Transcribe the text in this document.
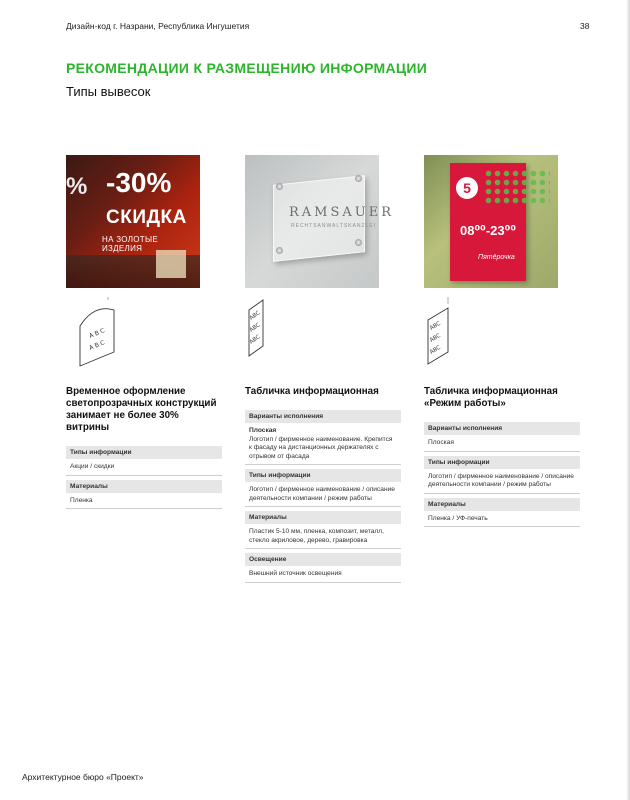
Дизайн-код г. Назрани, Республика Ингушетия	38
РЕКОМЕНДАЦИИ К РАЗМЕЩЕНИЮ ИНФОРМАЦИИ
Типы вывесок
% -30%
СКИДКА
НА ЗОЛОТЫЕ ИЗДЕЛИЯ
A B C
A B C
Временное оформление светопрозрачных конструкций занимает не более 30% витрины
Типы информации
Акции / скидки
Материалы
Пленка
RAMSAUER
RECHTSANWALTSKANZLEI
ABC
ABC
ABC
Табличка информационная
Варианты исполнения
Плоская
Логотип / фирменное наименование. Крепится к фасаду на дистанционных держателях с отрывом от фасада
Типы информации
Логотип / фирменное наименование / описание деятельности компании / режим работы
Материалы
Пластик 5-10 мм, пленка, композит, металл, стекло акриловое, дерево, гравировка
Освещение
Внешний источник освещения
5
08⁰⁰-23⁰⁰
Пятёрочка
ABC
ABC
ABC
Табличка информационная «Режим работы»
Варианты исполнения
Плоская
Типы информации
Логотип / фирменное наименование / описание деятельности компании / режим работы
Материалы
Пленка / УФ-печать
Архитектурное бюро «Проект»
